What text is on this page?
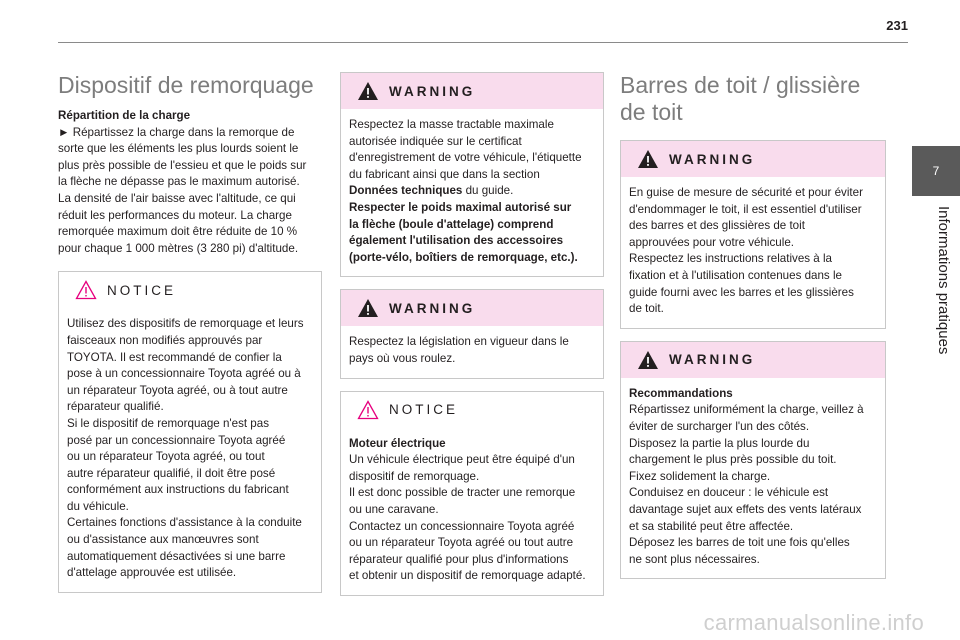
231
Dispositif de remorquage
Répartition de la charge
► Répartissez la charge dans la remorque de
sorte que les éléments les plus lourds soient le
plus près possible de l'essieu et que le poids sur
la flèche ne dépasse pas le maximum autorisé.
La densité de l'air baisse avec l'altitude, ce qui
réduit les performances du moteur. La charge
remorquée maximum doit être réduite de 10 %
pour chaque 1 000 mètres (3 280 pi) d'altitude.
NOTICE
Utilisez des dispositifs de remorquage et leurs
faisceaux non modifiés approuvés par
TOYOTA. Il est recommandé de confier la
pose à un concessionnaire Toyota agréé ou à
un réparateur Toyota agréé, ou à tout autre
réparateur qualifié.
Si le dispositif de remorquage n'est pas
posé par un concessionnaire Toyota agréé
ou un réparateur Toyota agréé, ou tout
autre réparateur qualifié, il doit être posé
conformément aux instructions du fabricant
du véhicule.
Certaines fonctions d'assistance à la conduite
ou d'assistance aux manœuvres sont
automatiquement désactivées si une barre
d'attelage approuvée est utilisée.
WARNING
Respectez la masse tractable maximale
autorisée indiquée sur le certificat
d'enregistrement de votre véhicule, l'étiquette
du fabricant ainsi que dans la section
Données techniques du guide.
Respecter le poids maximal autorisé sur
la flèche (boule d'attelage) comprend
également l'utilisation des accessoires
(porte-vélo, boîtiers de remorquage, etc.).
WARNING
Respectez la législation en vigueur dans le
pays où vous roulez.
NOTICE
Moteur électrique
Un véhicule électrique peut être équipé d'un
dispositif de remorquage.
Il est donc possible de tracter une remorque
ou une caravane.
Contactez un concessionnaire Toyota agréé
ou un réparateur Toyota agréé ou tout autre
réparateur qualifié pour plus d'informations
et obtenir un dispositif de remorquage adapté.
Barres de toit / glissière
de toit
WARNING
En guise de mesure de sécurité et pour éviter
d'endommager le toit, il est essentiel d'utiliser
des barres et des glissières de toit
approuvées pour votre véhicule.
Respectez les instructions relatives à la
fixation et à l'utilisation contenues dans le
guide fourni avec les barres et les glissières
de toit.
WARNING
Recommandations
Répartissez uniformément la charge, veillez à
éviter de surcharger l'un des côtés.
Disposez la partie la plus lourde du
chargement le plus près possible du toit.
Fixez solidement la charge.
Conduisez en douceur : le véhicule est
davantage sujet aux effets des vents latéraux
et sa stabilité peut être affectée.
Déposez les barres de toit une fois qu'elles
ne sont plus nécessaires.
7
Informations pratiques
carmanualsonline.info
